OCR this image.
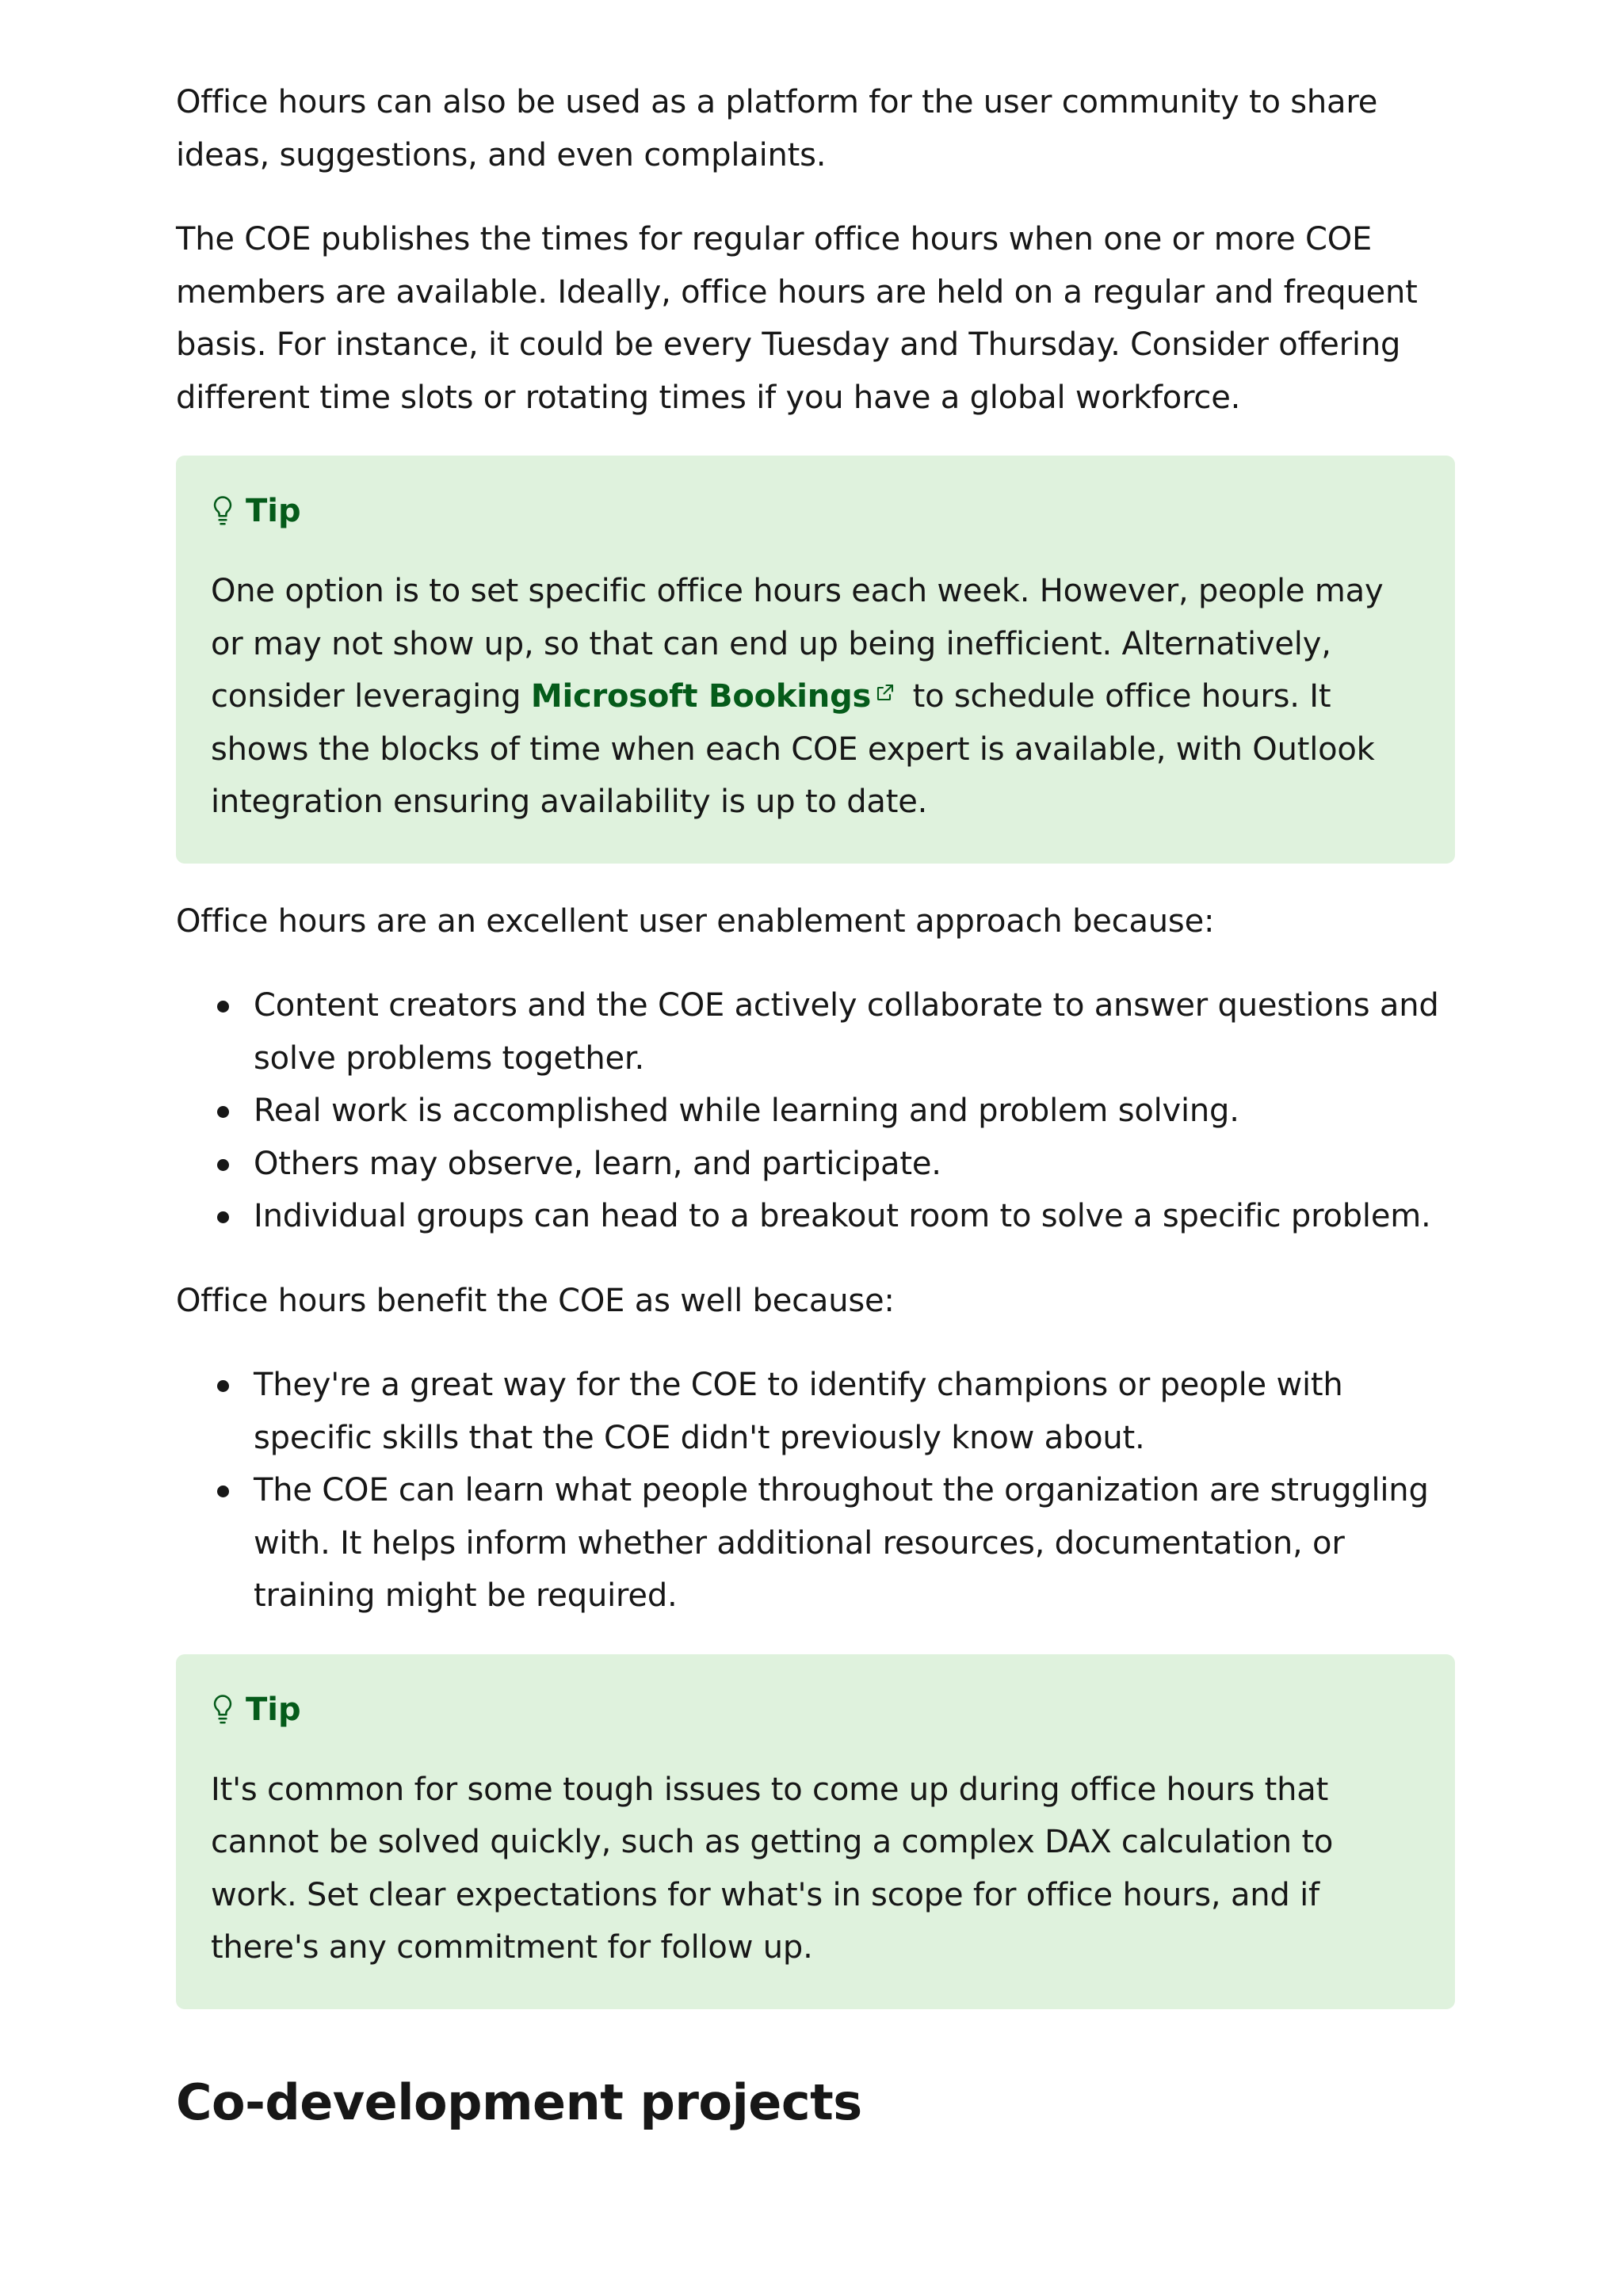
Office hours can also be used as a platform for the user community to share ideas, suggestions, and even complaints.

The COE publishes the times for regular office hours when one or more COE members are available. Ideally, office hours are held on a regular and frequent basis. For instance, it could be every Tuesday and Thursday. Consider offering different time slots or rotating times if you have a global workforce.

Tip

One option is to set specific office hours each week. However, people may or may not show up, so that can end up being inefficient. Alternatively, consider leveraging Microsoft Bookings to schedule office hours. It shows the blocks of time when each COE expert is available, with Outlook integration ensuring availability is up to date.

Office hours are an excellent user enablement approach because:

Content creators and the COE actively collaborate to answer questions and solve problems together.
Real work is accomplished while learning and problem solving.
Others may observe, learn, and participate.
Individual groups can head to a breakout room to solve a specific problem.

Office hours benefit the COE as well because:

They're a great way for the COE to identify champions or people with specific skills that the COE didn't previously know about.
The COE can learn what people throughout the organization are struggling with. It helps inform whether additional resources, documentation, or training might be required.
Tip

It's common for some tough issues to come up during office hours that cannot be solved quickly, such as getting a complex DAX calculation to work. Set clear expectations for what's in scope for office hours, and if there's any commitment for follow up.

Co-development projects
